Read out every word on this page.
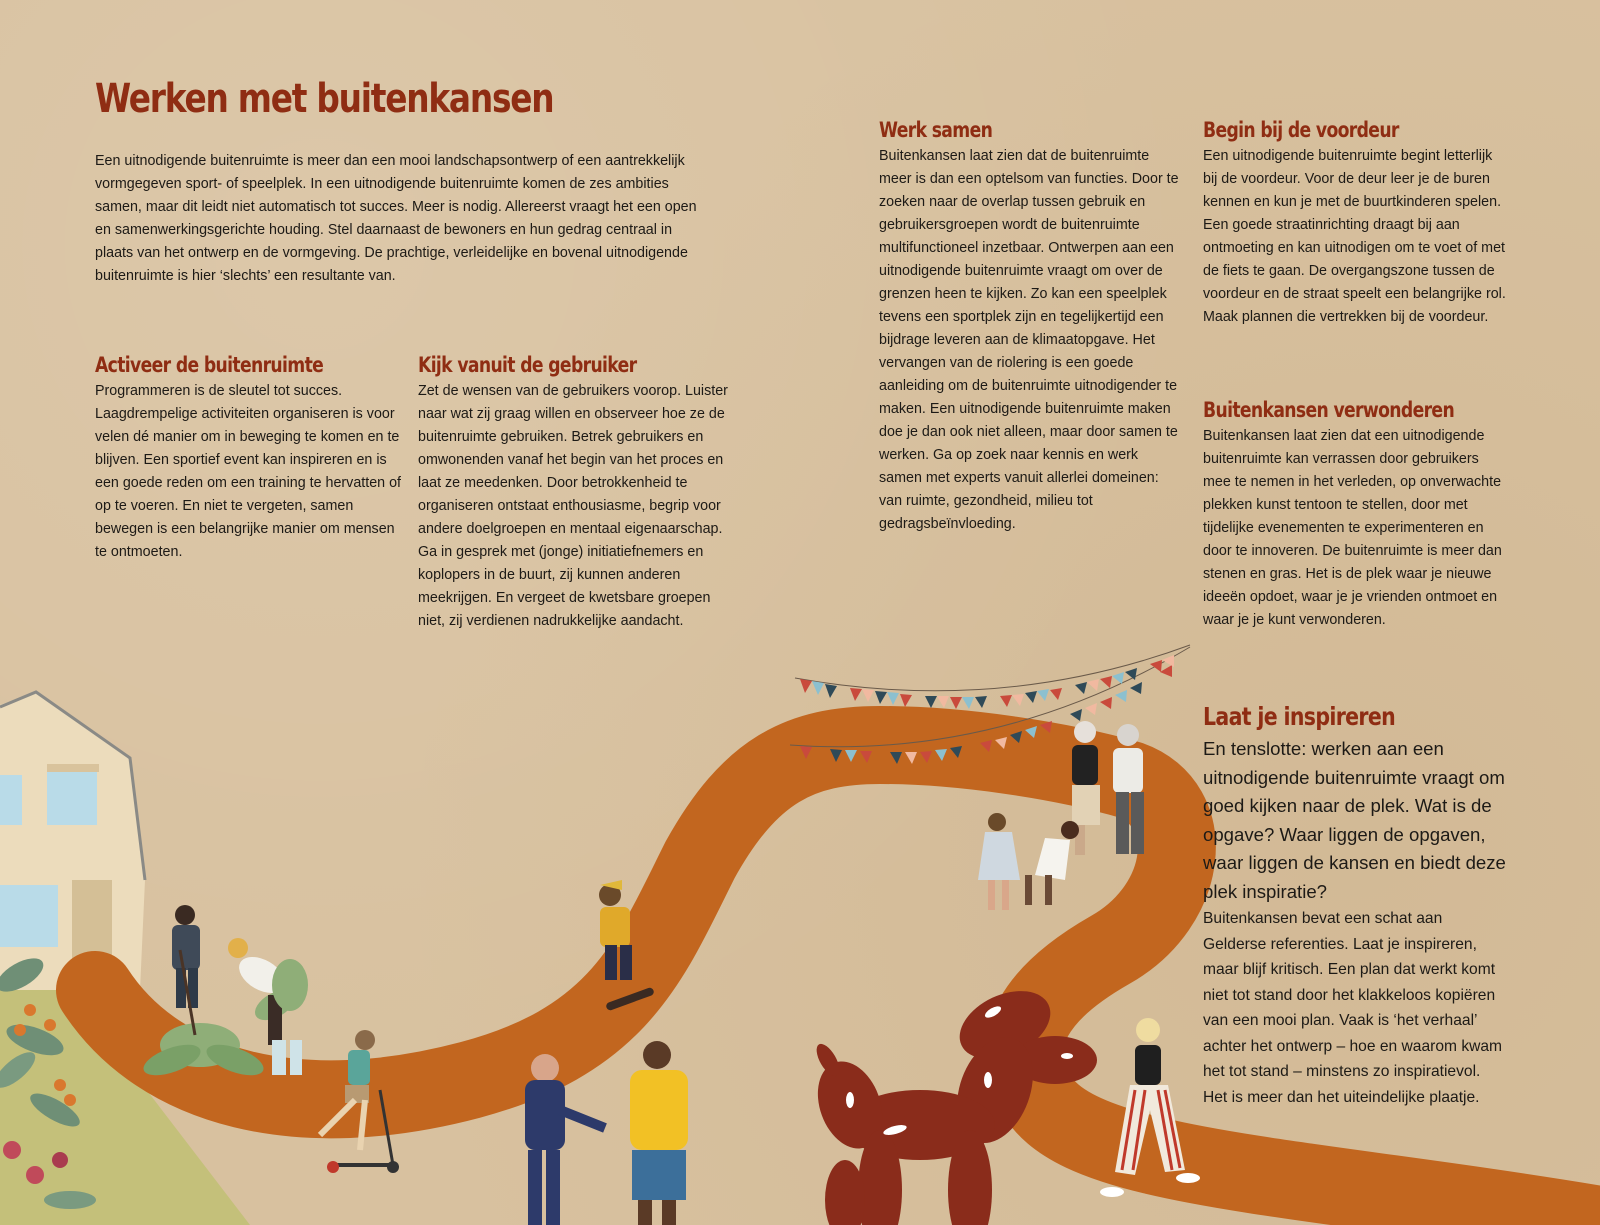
Werken met buitenkansen

Een uitnodigende buitenruimte is meer dan een mooi landschapsontwerp of een aantrekkelijk vormgegeven sport- of speelplek. In een uitnodigende buitenruimte komen de zes ambities samen, maar dit leidt niet automatisch tot succes. Meer is nodig. Allereerst vraagt het een open en samenwerkingsgerichte houding. Stel daarnaast de bewoners en hun gedrag centraal in plaats van het ontwerp en de vormgeving. De prachtige, verleidelijke en bovenal uitnodigende buitenruimte is hier ‘slechts’ een resultante van.

Activeer de buitenruimte

Programmeren is de sleutel tot succes. Laagdrempelige activiteiten organiseren is voor velen dé manier om in beweging te komen en te blijven. Een sportief event kan inspireren en is een goede reden om een training te hervatten of op te voeren. En niet te vergeten, samen bewegen is een belangrijke manier om mensen te ontmoeten.

Kijk vanuit de gebruiker

Zet de wensen van de gebruikers voorop. Luister naar wat zij graag willen en observeer hoe ze de buitenruimte gebruiken. Betrek gebruikers en omwonenden vanaf het begin van het proces en laat ze meedenken. Door betrokkenheid te organiseren ontstaat enthousiasme, begrip voor andere doelgroepen en mentaal eigenaarschap. Ga in gesprek met (jonge) initiatiefnemers en koplopers in de buurt, zij kunnen anderen meekrijgen. En vergeet de kwetsbare groepen niet, zij verdienen nadrukkelijke aandacht.

Werk samen

Buitenkansen laat zien dat de buitenruimte meer is dan een optelsom van functies. Door te zoeken naar de overlap tussen gebruik en gebruikersgroepen wordt de buitenruimte multifunctioneel inzetbaar. Ontwerpen aan een uitnodigende buitenruimte vraagt om over de grenzen heen te kijken. Zo kan een speelplek tevens een sportplek zijn en tegelijkertijd een bijdrage leveren aan de klimaatopgave. Het vervangen van de riolering is een goede aanleiding om de buitenruimte uitnodigender te maken. Een uitnodigende buitenruimte maken doe je dan ook niet alleen, maar door samen te werken. Ga op zoek naar kennis en werk samen met experts vanuit allerlei domeinen: van ruimte, gezondheid, milieu tot gedragsbeïnvloeding.

Begin bij de voordeur

Een uitnodigende buitenruimte begint letterlijk bij de voordeur. Voor de deur leer je de buren kennen en kun je met de buurtkinderen spelen. Een goede straatinrichting draagt bij aan ontmoeting en kan uitnodigen om te voet of met de fiets te gaan. De overgangszone tussen de voordeur en de straat speelt een belangrijke rol. Maak plannen die vertrekken bij de voordeur.

Buitenkansen verwonderen

Buitenkansen laat zien dat een uitnodigende buitenruimte kan verrassen door gebruikers mee te nemen in het verleden, op onverwachte plekken kunst tentoon te stellen, door met tijdelijke evenementen te experimenteren en door te innoveren. De buitenruimte is meer dan stenen en gras. Het is de plek waar je nieuwe ideeën opdoet, waar je je vrienden ontmoet en waar je je kunt verwonderen.

Laat je inspireren

En tenslotte: werken aan een uitnodigende buitenruimte vraagt om goed kijken naar de plek. Wat is de opgave? Waar liggen de opgaven, waar liggen de kansen en biedt deze plek inspiratie?

Buitenkansen bevat een schat aan Gelderse referenties. Laat je inspireren, maar blijf kritisch. Een plan dat werkt komt niet tot stand door het klakkeloos kopiëren van een mooi plan. Vaak is ‘het verhaal’ achter het ontwerp – hoe en waarom kwam het tot stand – minstens zo inspiratievol. Het is meer dan het uiteindelijke plaatje.
